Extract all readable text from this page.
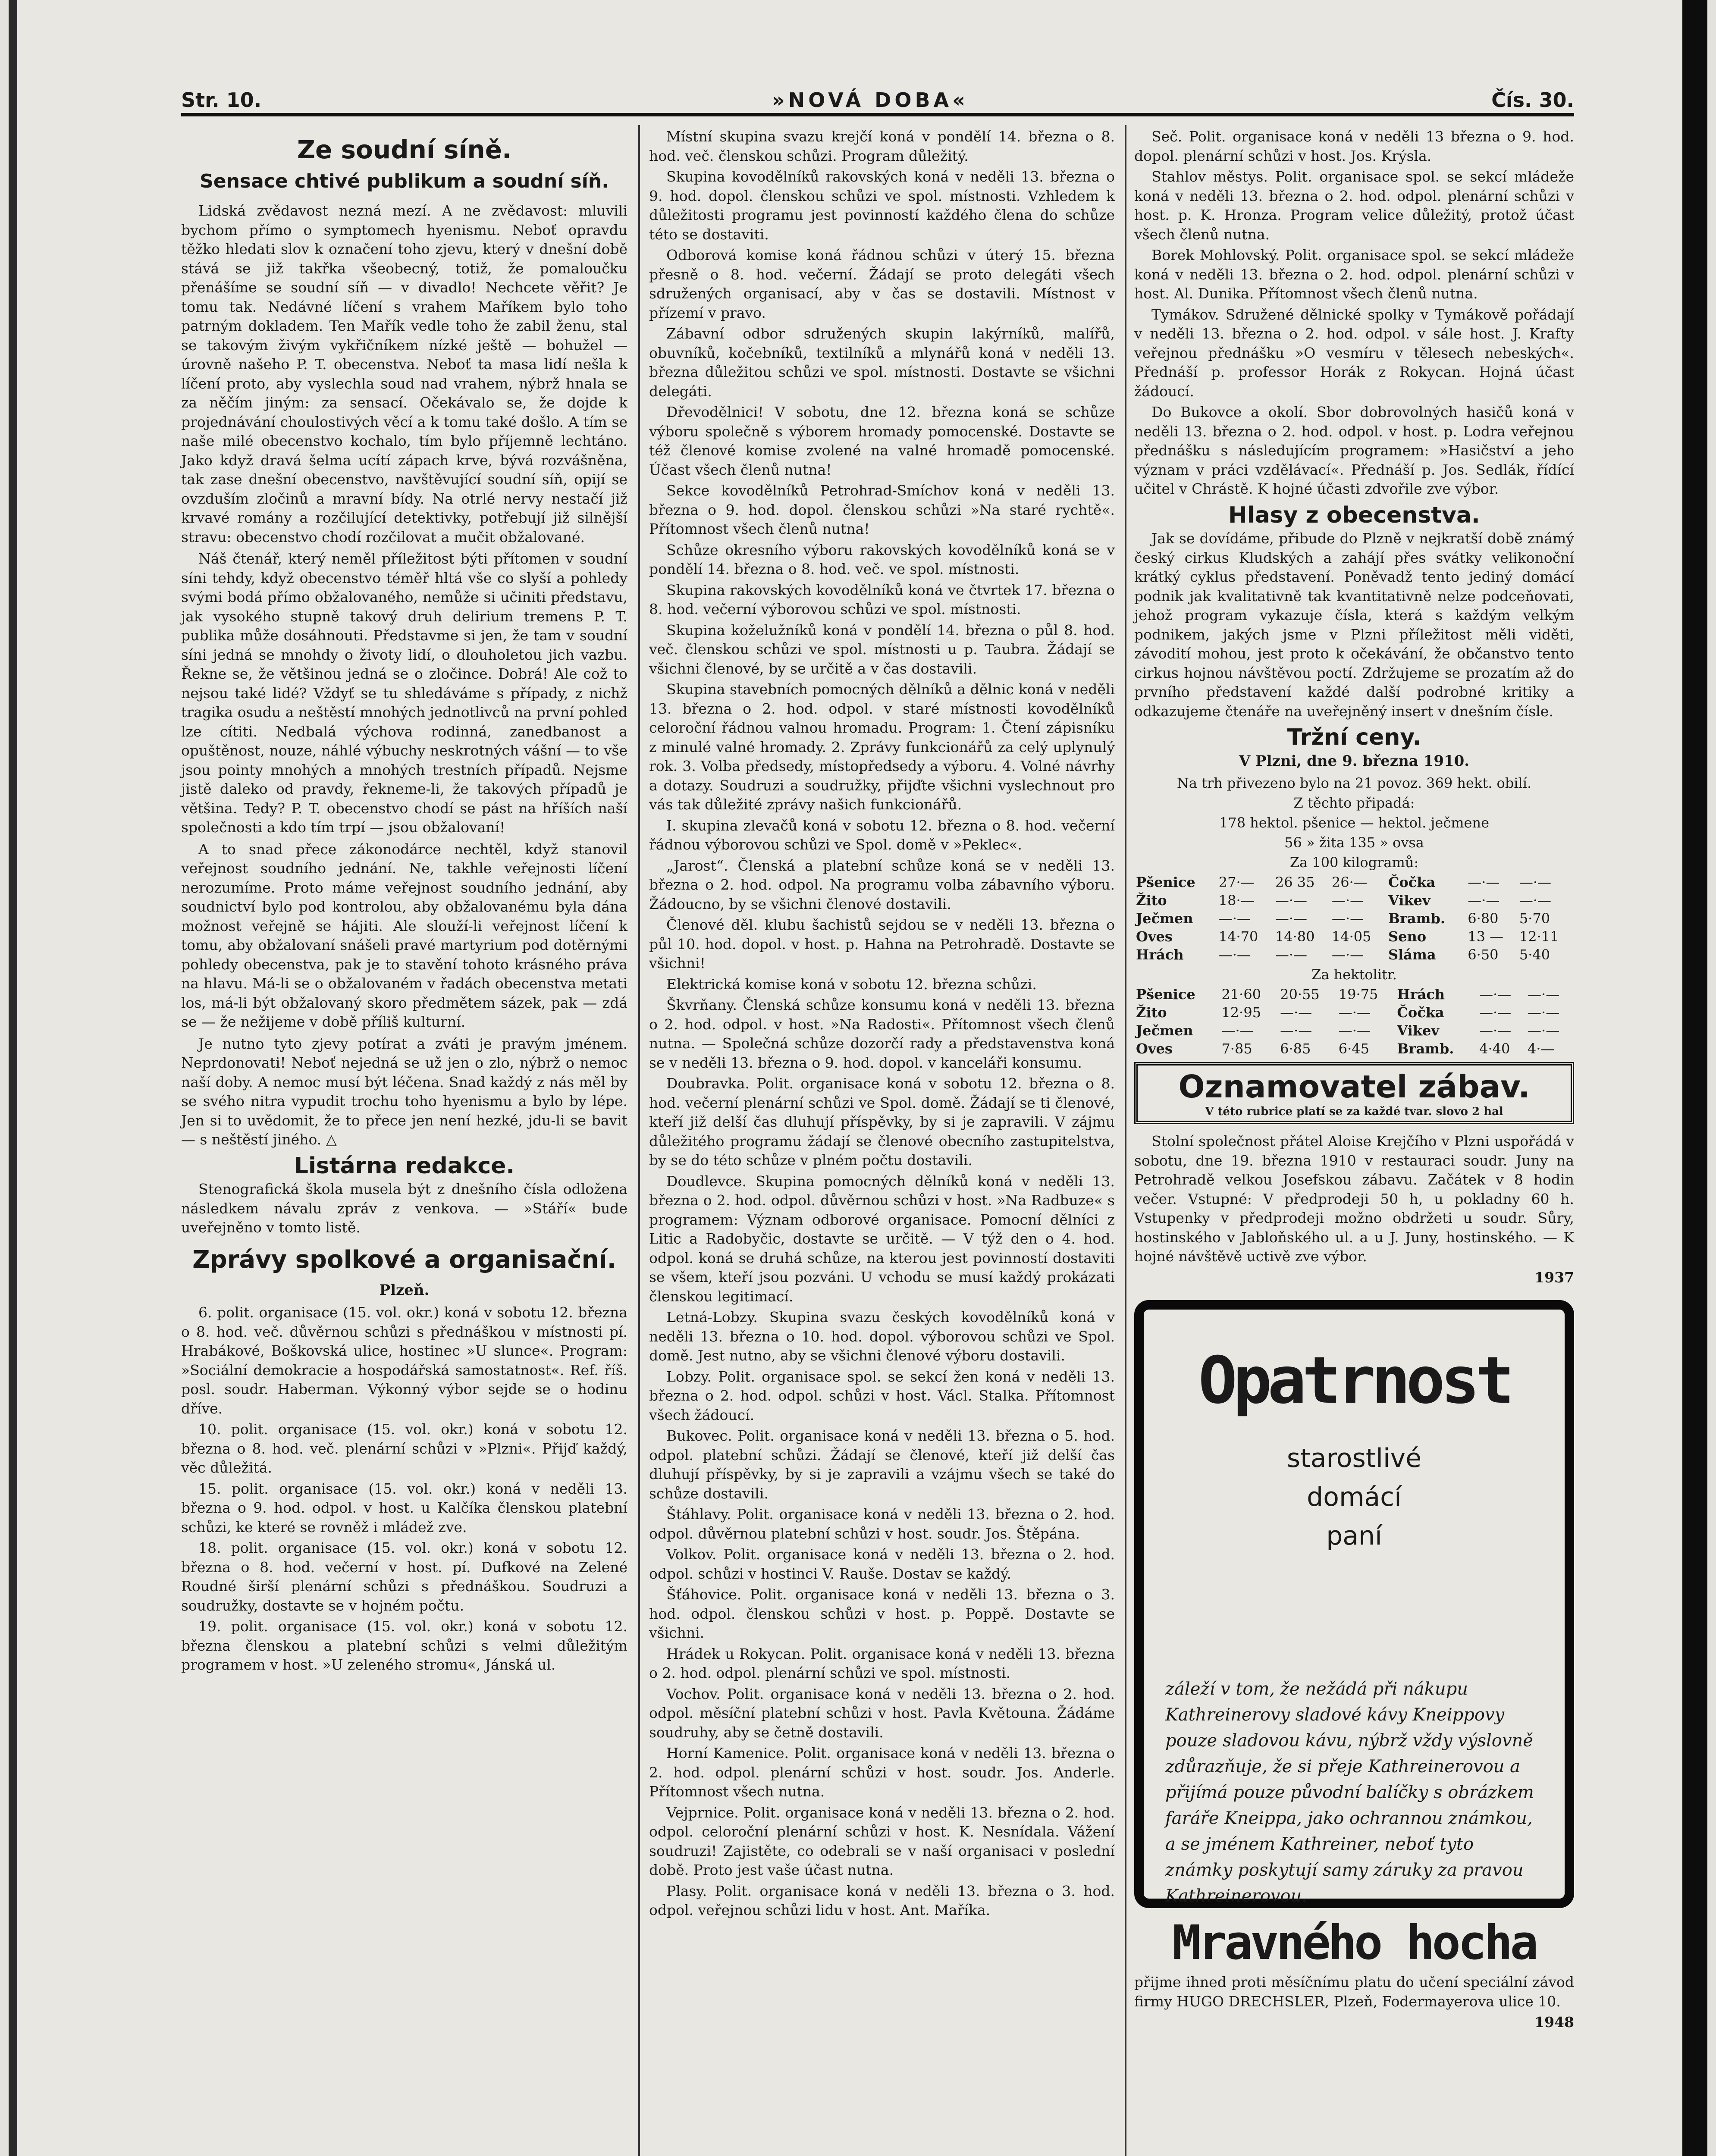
Str. 10.	»NOVÁ DOBA«	Čís. 30.
Ze soudní síně.
Sensace chtivé publikum a soudní síň.

Lidská zvědavost nezná mezí. A ne zvědavost: mluvili bychom přímo o symptomech hyenismu. Neboť opravdu těžko hledati slov k označení toho zjevu, který v dnešní době stává se již takřka všeobecný, totiž, že pomaloučku přenášíme se soudní síň — v divadlo! Nechcete věřit? Je tomu tak. Nedávné líčení s vrahem Maříkem bylo toho patrným dokladem. Ten Mařík vedle toho že zabil ženu, stal se takovým živým vykřičníkem nízké ještě — bohužel — úrovně našeho P. T. obecenstva. Neboť ta masa lidí nešla k líčení proto, aby vyslechla soud nad vrahem, nýbrž hnala se za něčím jiným: za sensací. Očekávalo se, že dojde k projednávání choulostivých věcí a k tomu také došlo. A tím se naše milé obecenstvo kochalo, tím bylo příjemně lechtáno. Jako když dravá šelma ucítí zápach krve, bývá rozvášněna, tak zase dnešní obecenstvo, navštěvující soudní síň, opijí se ovzduším zločinů a mravní bídy. Na otrlé nervy nestačí již krvavé romány a rozčilující detektivky, potřebují již silnější stravu: obecenstvo chodí rozčilovat a mučit obžalované.

Náš čtenář, který neměl příležitost býti přítomen v soudní síni tehdy, když obecenstvo téměř hltá vše co slyší a pohledy svými bodá přímo obžalovaného, nemůže si učiniti představu, jak vysokého stupně takový druh delirium tremens P. T. publika může dosáhnouti. Představme si jen, že tam v soudní síni jedná se mnohdy o životy lidí, o dlouholetou jich vazbu. Řekne se, že většinou jedná se o zločince. Dobrá! Ale což to nejsou také lidé? Vždyť se tu shledáváme s případy, z nichž tragika osudu a neštěstí mnohých jednotlivců na první pohled lze cítiti. Nedbalá výchova rodinná, zanedbanost a opuštěnost, nouze, náhlé výbuchy neskrotných vášní — to vše jsou pointy mnohých a mnohých trestních případů. Nejsme jistě daleko od pravdy, řekneme-li, že takových případů je většina. Tedy? P. T. obecenstvo chodí se pást na hříších naší společnosti a kdo tím trpí — jsou obžalovaní!

A to snad přece zákonodárce nechtěl, když stanovil veřejnost soudního jednání. Ne, takhle veřejnosti líčení nerozumíme. Proto máme veřejnost soudního jednání, aby soudnictví bylo pod kontrolou, aby obžalovanému byla dána možnost veřejně se hájiti. Ale slouží-li veřejnost líčení k tomu, aby obžalovaní snášeli pravé martyrium pod dotěrnými pohledy obecenstva, pak je to stavění tohoto krásného práva na hlavu. Má-li se o obžalovaném v řadách obecenstva metati los, má-li být obžalovaný skoro předmětem sázek, pak — zdá se — že nežijeme v době příliš kulturní.

Je nutno tyto zjevy potírat a zváti je pravým jménem. Neprdonovati! Neboť nejedná se už jen o zlo, nýbrž o nemoc naší doby. A nemoc musí být léčena. Snad každý z nás měl by se svého nitra vypudit trochu toho hyenismu a bylo by lépe. Jen si to uvědomit, že to přece jen není hezké, jdu-li se bavit — s neštěstí jiného. △

Listárna redakce.

Stenografická škola musela být z dnešního čísla odložena následkem návalu zpráv z venkova. — »Stáří« bude uveřejněno v tomto listě.

Zprávy spolkové a organisační.
Plzeň.

6. polit. organisace (15. vol. okr.) koná v sobotu 12. března o 8. hod. več. důvěrnou schůzi s přednáškou v místnosti pí. Hrabákové, Boškovská ulice, hostinec »U slunce«. Program: »Sociální demokracie a hospodářská samostatnost«. Ref. říš. posl. soudr. Haberman. Výkonný výbor sejde se o hodinu dříve.

10. polit. organisace (15. vol. okr.) koná v sobotu 12. března o 8. hod. več. plenární schůzi v »Plzni«. Přijď každý, věc důležitá.

15. polit. organisace (15. vol. okr.) koná v neděli 13. března o 9. hod. odpol. v host. u Kalčíka členskou platební schůzi, ke které se rovněž i mládež zve.

18. polit. organisace (15. vol. okr.) koná v sobotu 12. března o 8. hod. večerní v host. pí. Dufkové na Zelené Roudné širší plenární schůzi s přednáškou. Soudruzi a soudružky, dostavte se v hojném počtu.

19. polit. organisace (15. vol. okr.) koná v sobotu 12. března členskou a platební schůzi s velmi důležitým programem v host. »U zeleného stromu«, Jánská ul.

Místní skupina svazu krejčí koná v pondělí 14. března o 8. hod. več. členskou schůzi. Program důležitý.

Skupina kovodělníků rakovských koná v neděli 13. března o 9. hod. dopol. členskou schůzi ve spol. místnosti. Vzhledem k důležitosti programu jest povinností každého člena do schůze této se dostaviti.

Odborová komise koná řádnou schůzi v úterý 15. března přesně o 8. hod. večerní. Žádají se proto delegáti všech sdružených organisací, aby v čas se dostavili. Místnost v přízemí v pravo.

Zábavní odbor sdružených skupin lakýrníků, malířů, obuvníků, kočebníků, textilníků a mlynářů koná v neděli 13. března důležitou schůzi ve spol. místnosti. Dostavte se všichni delegáti.

Dřevodělnici! V sobotu, dne 12. března koná se schůze výboru společně s výborem hromady pomocenské. Dostavte se též členové komise zvolené na valné hromadě pomocenské. Účast všech členů nutna!

Sekce kovodělníků Petrohrad-Smíchov koná v neděli 13. března o 9. hod. dopol. členskou schůzi »Na staré rychtě«. Přítomnost všech členů nutna!

Schůze okresního výboru rakovských kovodělníků koná se v pondělí 14. března o 8. hod. več. ve spol. místnosti.

Skupina rakovských kovodělníků koná ve čtvrtek 17. března o 8. hod. večerní výborovou schůzi ve spol. místnosti.

Skupina koželužníků koná v pondělí 14. března o půl 8. hod. več. členskou schůzi ve spol. místnosti u p. Taubra. Žádají se všichni členové, by se určitě a v čas dostavili.

Skupina stavebních pomocných dělníků a dělnic koná v neděli 13. března o 2. hod. odpol. v staré místnosti kovodělníků celoroční řádnou valnou hromadu. Program: 1. Čtení zápisníku z minulé valné hromady. 2. Zprávy funkcionářů za celý uplynulý rok. 3. Volba předsedy, místopředsedy a výboru. 4. Volné návrhy a dotazy. Soudruzi a soudružky, přijďte všichni vyslechnout pro vás tak důležité zprávy našich funkcionářů.

I. skupina zlevačů koná v sobotu 12. března o 8. hod. večerní řádnou výborovou schůzi ve Spol. domě v »Peklec«.

„Jarost“. Členská a platební schůze koná se v neděli 13. března o 2. hod. odpol. Na programu volba zábavního výboru. Žádoucno, by se všichni členové dostavili.

Členové děl. klubu šachistů sejdou se v neděli 13. března o půl 10. hod. dopol. v host. p. Hahna na Petrohradě. Dostavte se všichni!

Elektrická komise koná v sobotu 12. března schůzi.

Škvrňany. Členská schůze konsumu koná v neděli 13. března o 2. hod. odpol. v host. »Na Radosti«. Přítomnost všech členů nutna. — Společná schůze dozorčí rady a představenstva koná se v neděli 13. března o 9. hod. dopol. v kanceláři konsumu.

Doubravka. Polit. organisace koná v sobotu 12. března o 8. hod. večerní plenární schůzi ve Spol. domě. Žádají se ti členové, kteří již delší čas dluhují příspěvky, by si je zapravili. V zájmu důležitého programu žádají se členové obecního zastupitelstva, by se do této schůze v plném počtu dostavili.

Doudlevce. Skupina pomocných dělníků koná v neděli 13. března o 2. hod. odpol. důvěrnou schůzi v host. »Na Radbuze« s programem: Význam odborové organisace. Pomocní dělníci z Litic a Radobyčic, dostavte se určitě. — V týž den o 4. hod. odpol. koná se druhá schůze, na kterou jest povinností dostaviti se všem, kteří jsou pozváni. U vchodu se musí každý prokázati členskou legitimací.

Letná-Lobzy. Skupina svazu českých kovodělníků koná v neděli 13. března o 10. hod. dopol. výborovou schůzi ve Spol. domě. Jest nutno, aby se všichni členové výboru dostavili.

Lobzy. Polit. organisace spol. se sekcí žen koná v neděli 13. března o 2. hod. odpol. schůzi v host. Václ. Stalka. Přítomnost všech žádoucí.

Bukovec. Polit. organisace koná v neděli 13. března o 5. hod. odpol. platební schůzi. Žádají se členové, kteří již delší čas dluhují příspěvky, by si je zapravili a vzájmu všech se také do schůze dostavili.

Štáhlavy. Polit. organisace koná v neděli 13. března o 2. hod. odpol. důvěrnou platební schůzi v host. soudr. Jos. Štěpána.

Volkov. Polit. organisace koná v neděli 13. března o 2. hod. odpol. schůzi v hostinci V. Rauše. Dostav se každý.

Šťáhovice. Polit. organisace koná v neděli 13. března o 3. hod. odpol. členskou schůzi v host. p. Poppě. Dostavte se všichni.

Hrádek u Rokycan. Polit. organisace koná v neděli 13. března o 2. hod. odpol. plenární schůzi ve spol. místnosti.

Vochov. Polit. organisace koná v neděli 13. března o 2. hod. odpol. měsíční platební schůzi v host. Pavla Květouna. Žádáme soudruhy, aby se četně dostavili.

Horní Kamenice. Polit. organisace koná v neděli 13. března o 2. hod. odpol. plenární schůzi v host. soudr. Jos. Anderle. Přítomnost všech nutna.

Vejprnice. Polit. organisace koná v neděli 13. března o 2. hod. odpol. celoroční plenární schůzi v host. K. Nesnídala. Vážení soudruzi! Zajistěte, co odebrali se v naší organisaci v poslední době. Proto jest vaše účast nutna.

Plasy. Polit. organisace koná v neděli 13. března o 3. hod. odpol. veřejnou schůzi lidu v host. Ant. Maříka.

Seč. Polit. organisace koná v neděli 13 března o 9. hod. dopol. plenární schůzi v host. Jos. Krýsla.

Stahlov městys. Polit. organisace spol. se sekcí mládeže koná v neděli 13. března o 2. hod. odpol. plenární schůzi v host. p. K. Hronza. Program velice důležitý, protož účast všech členů nutna.

Borek Mohlovský. Polit. organisace spol. se sekcí mládeže koná v neděli 13. března o 2. hod. odpol. plenární schůzi v host. Al. Dunika. Přítomnost všech členů nutna.

Tymákov. Sdružené dělnické spolky v Tymákově pořádají v neděli 13. března o 2. hod. odpol. v sále host. J. Krafty veřejnou přednášku »O vesmíru v tělesech nebeských«. Přednáší p. professor Horák z Rokycan. Hojná účast žádoucí.

Do Bukovce a okolí. Sbor dobrovolných hasičů koná v neděli 13. března o 2. hod. odpol. v host. p. Lodra veřejnou přednášku s následujícím programem: »Hasičství a jeho význam v práci vzdělávací«. Přednáší p. Jos. Sedlák, řídící učitel v Chrástě. K hojné účasti zdvořile zve výbor.

Hlasy z obecenstva.

Jak se dovídáme, přibude do Plzně v nejkratší době známý český cirkus Kludských a zahájí přes svátky velikonoční krátký cyklus představení. Poněvadž tento jediný domácí podnik jak kvalitativně tak kvantitativně nelze podceňovati, jehož program vykazuje čísla, která s každým velkým podnikem, jakých jsme v Plzni příležitost měli viděti, závodití mohou, jest proto k očekávání, že občanstvo tento cirkus hojnou návštěvou poctí. Zdržujeme se prozatím až do prvního představení každé další podrobné kritiky a odkazujeme čtenáře na uveřejněný insert v dnešním čísle.

Tržní ceny.
V Plzni, dne 9. března 1910.
Na trh přivezeno bylo na 21 povoz. 369 hekt. obilí.
Z těchto připadá:
178 hektol. pšenice — hektol. ječmene
56 » žita 135 » ovsa
Za 100 kilogramů:
Pšenice	27·—	26 35	26·—	Čočka	—·—	—·—
Žito	18·—	—·—	—·—	Vikev	—·—	—·—
Ječmen	—·—	—·—	—·—	Bramb.	6·80	5·70
Oves	14·70	14·80	14·05	Seno	13 —	12·11
Hrách	—·—	—·—	—·—	Sláma	6·50	5·40
Za hektolitr.
Pšenice	21·60	20·55	19·75	Hrách	—·—	—·—
Žito	12·95	—·—	—·—	Čočka	—·—	—·—
Ječmen	—·—	—·—	—·—	Vikev	—·—	—·—
Oves	7·85	6·85	6·45	Bramb.	4·40	4·—
Oznamovatel zábav.
V této rubrice platí se za každé tvar. slovo 2 hal

Stolní společnost přátel Aloise Krejčího v Plzni uspořádá v sobotu, dne 19. března 1910 v restauraci soudr. Juny na Petrohradě velkou Josefskou zábavu. Začátek v 8 hodin večer. Vstupné: V předprodeji 50 h, u pokladny 60 h. Vstupenky v předprodeji možno obdržeti u soudr. Sůry, hostinského v Jabloňského ul. a u J. Juny, hostinského. — K hojné návštěvě uctivě zve výbor.

1937
Opatrnost
starostlivé
domácí
paní
záleží v tom, že nežádá při nákupu Kathreinerovy sladové kávy Kneippovy pouze sladovou kávu, nýbrž vždy výslovně zdůrazňuje, že si přeje Kathreinerovou a přijímá pouze původní balíčky s obrázkem faráře Kneippa, jako ochrannou známkou, a se jménem Kathreiner, neboť tyto známky poskytují samy záruky za pravou Kathreinerovou.
Mravného hocha

přijme ihned proti měsíčnímu platu do učení speciální závod firmy HUGO DRECHSLER, Plzeň, Fodermayerova ulice 10.

1948
